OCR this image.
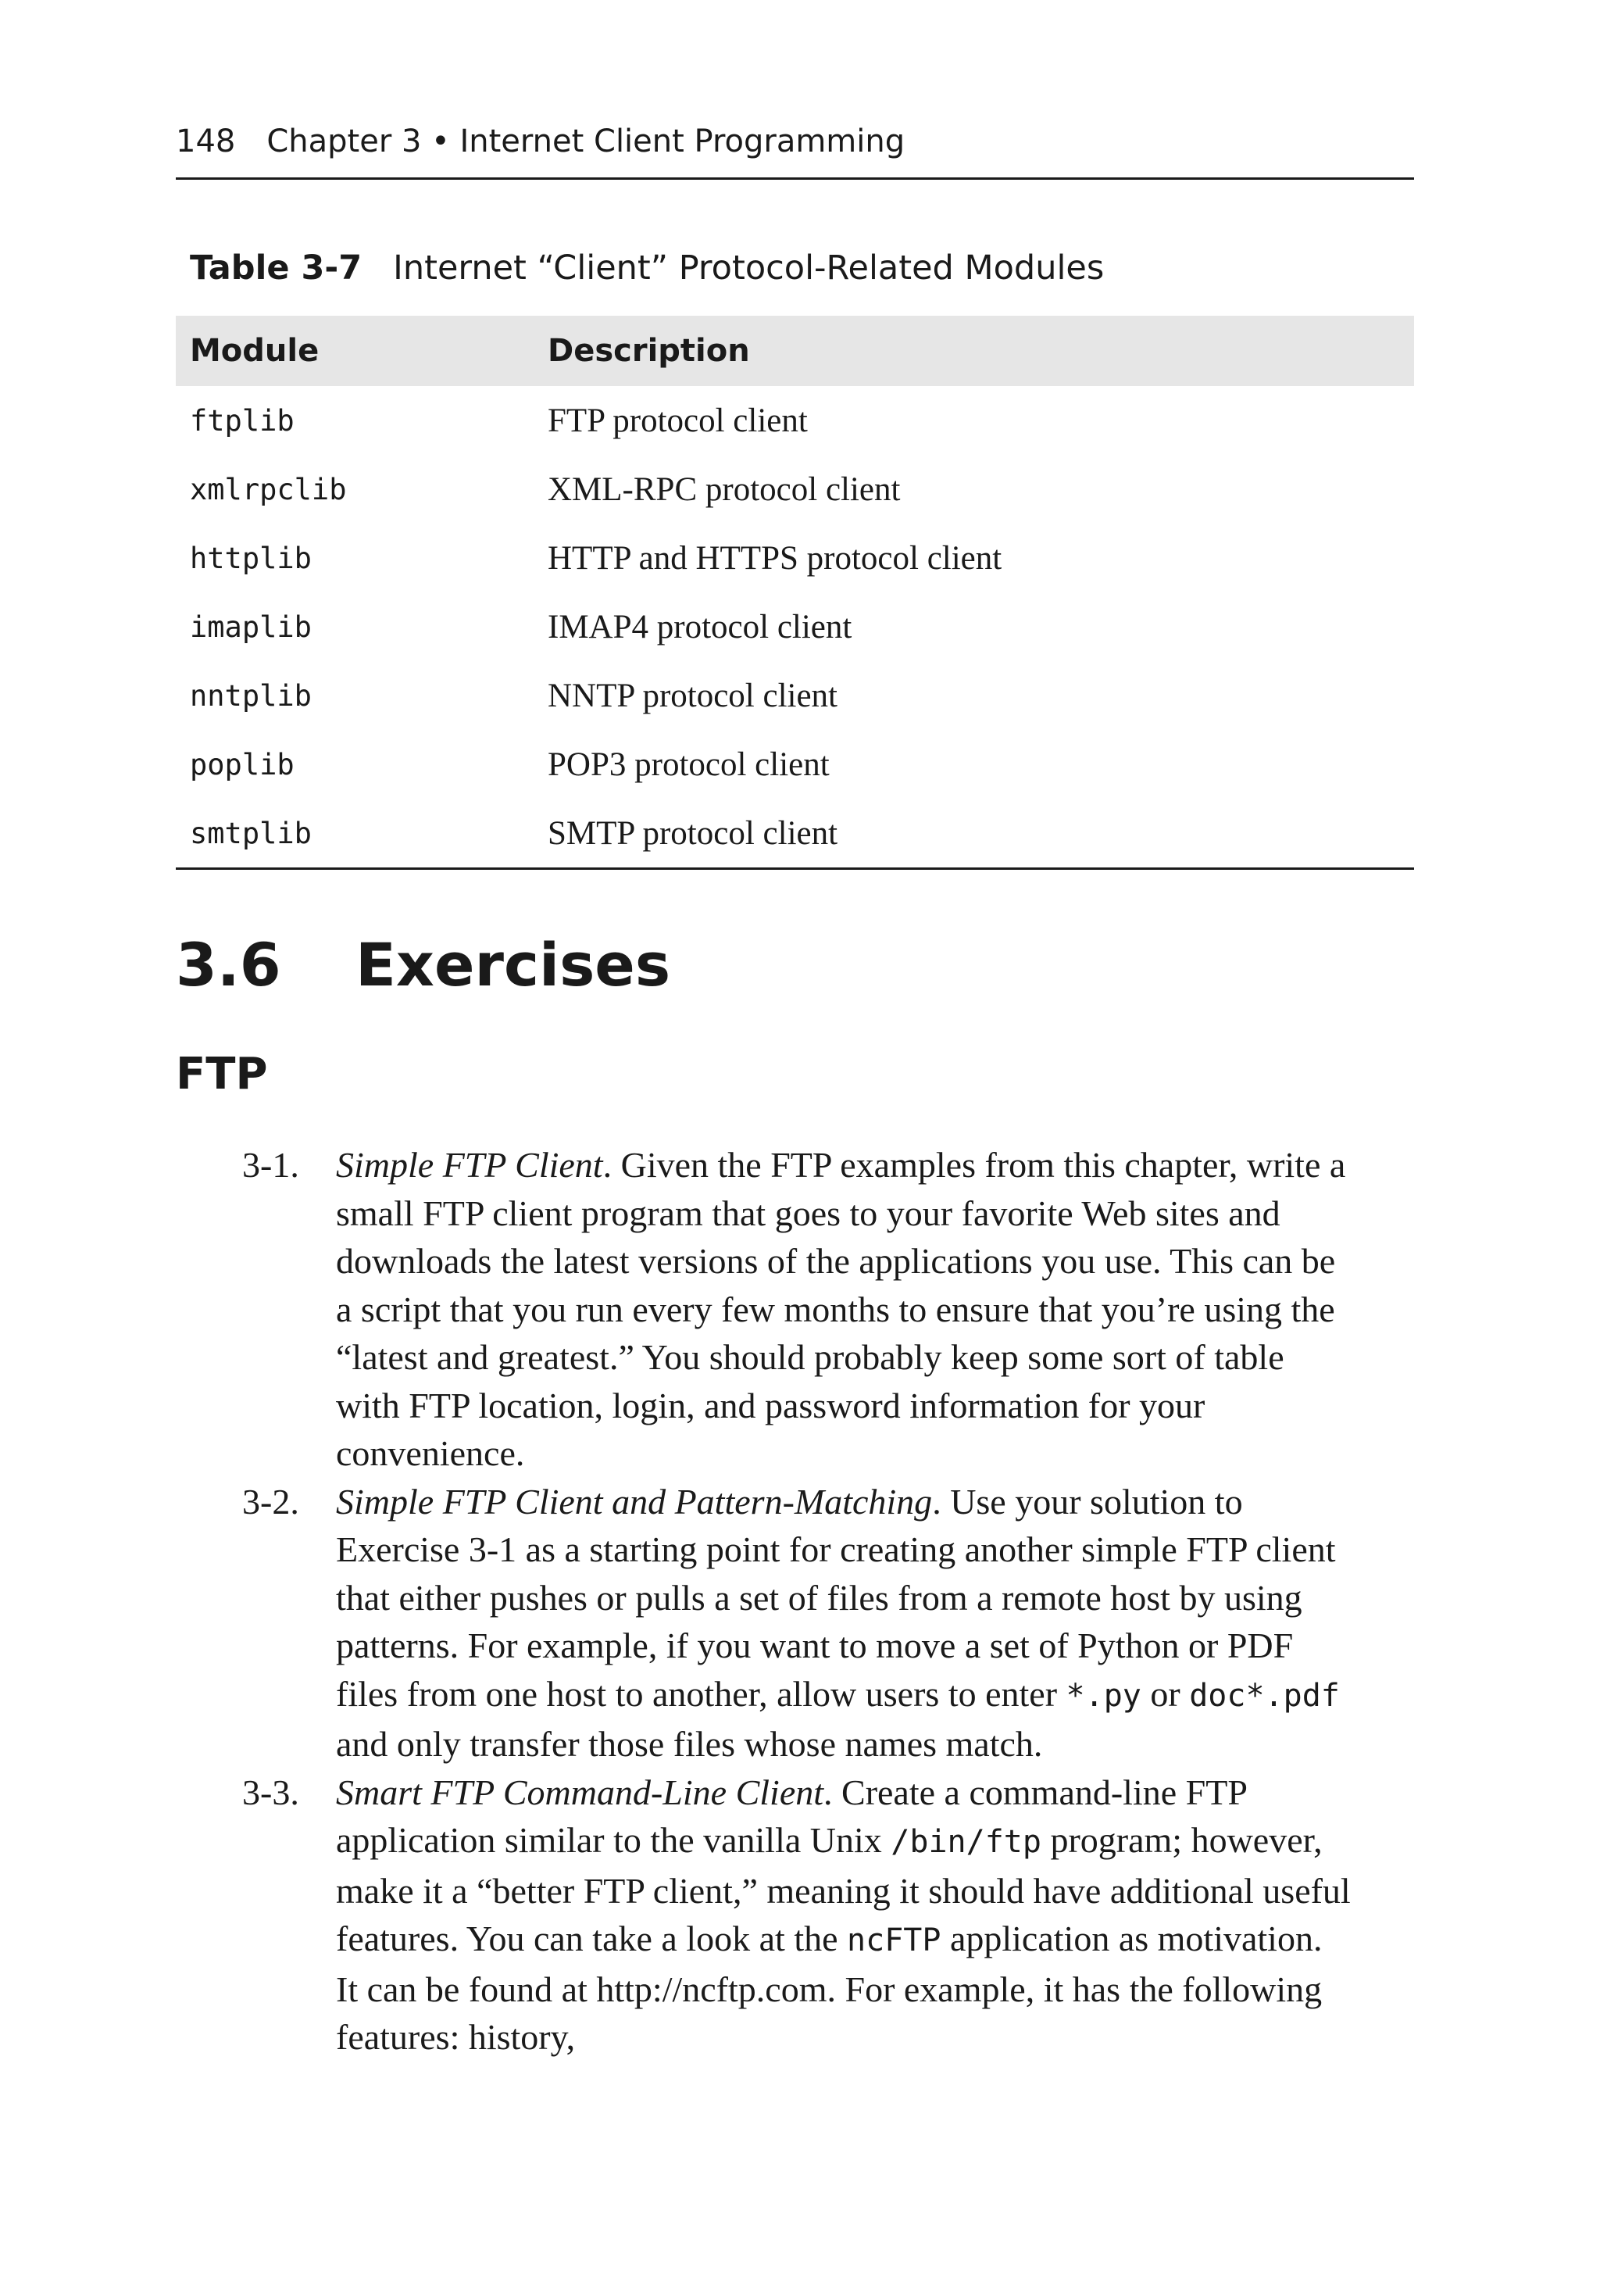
148 Chapter 3 • Internet Client Programming
Table 3-7 Internet “Client” Protocol-Related Modules
Module	Description
ftplib	FTP protocol client
xmlrpclib	XML-RPC protocol client
httplib	HTTP and HTTPS protocol client
imaplib	IMAP4 protocol client
nntplib	NNTP protocol client
poplib	POP3 protocol client
smtplib	SMTP protocol client
3.6 Exercises
FTP
3-1. Simple FTP Client. Given the FTP examples from this chapter, write a small FTP client program that goes to your favorite Web sites and downloads the latest versions of the applications you use. This can be a script that you run every few months to ensure that you’re using the “latest and greatest.” You should probably keep some sort of table with FTP location, login, and password information for your convenience.
3-2. Simple FTP Client and Pattern-Matching. Use your solution to Exercise 3-1 as a starting point for creating another simple FTP client that either pushes or pulls a set of files from a remote host by using patterns. For example, if you want to move a set of Python or PDF files from one host to another, allow users to enter *.py or doc*.pdf and only transfer those files whose names match.
3-3. Smart FTP Command-Line Client. Create a command-line FTP application similar to the vanilla Unix /bin/ftp program; however, make it a “better FTP client,” meaning it should have additional useful features. You can take a look at the ncFTP application as motivation. It can be found at http://ncftp.com. For example, it has the following features: history,
